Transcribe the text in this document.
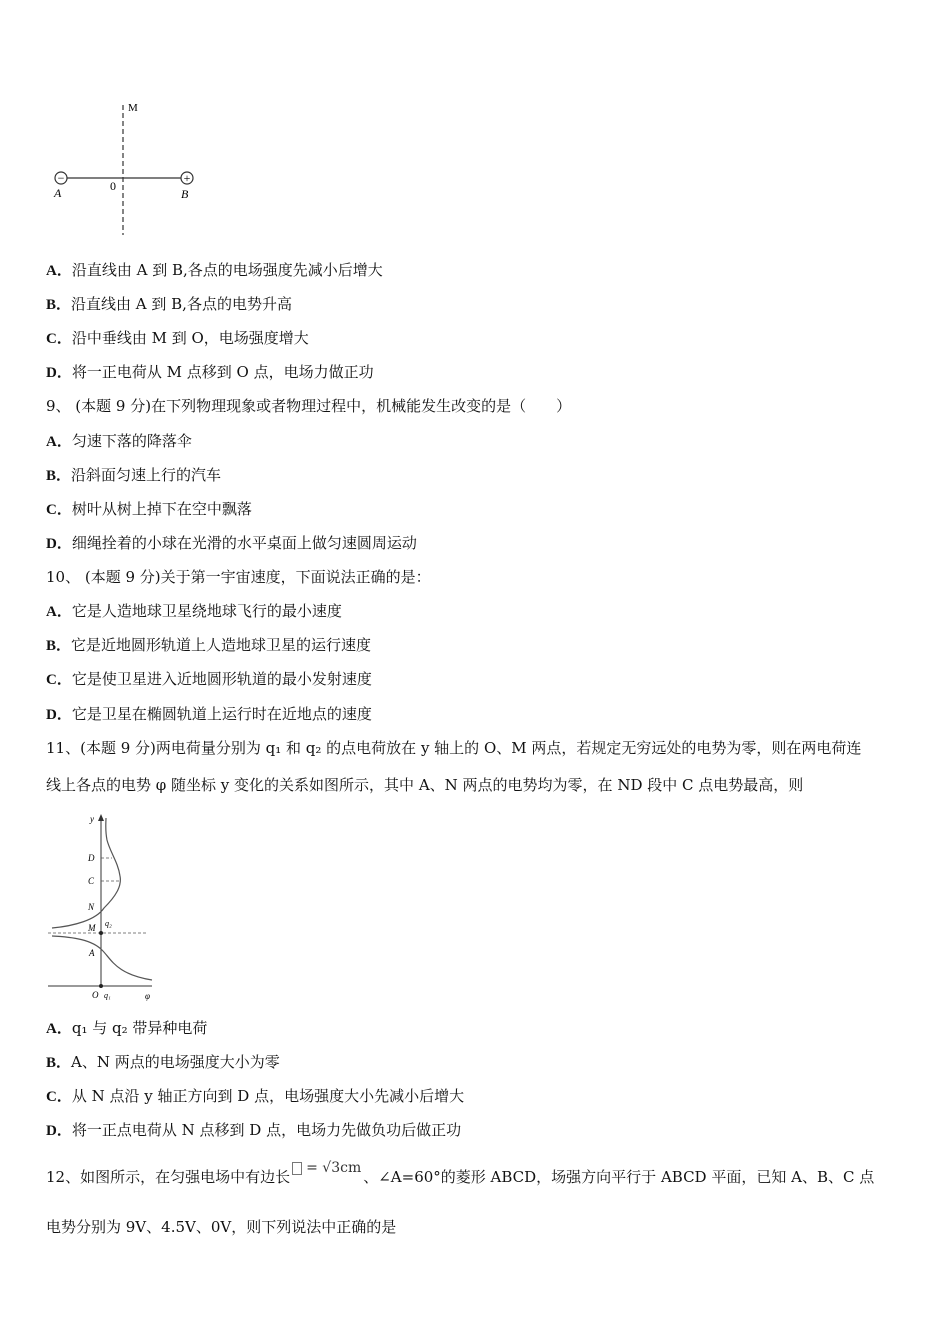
−	+
M
A	0
B
A．沿直线由 A 到 B,各点的电场强度先减小后增大
B．沿直线由 A 到 B,各点的电势升高
C．沿中垂线由 M 到 O，电场强度增大
D．将一正电荷从 M 点移到 O 点，电场力做正功
9、 (本题 9 分)在下列物理现象或者物理过程中，机械能发生改变的是（　　）
A．匀速下落的降落伞
B．沿斜面匀速上行的汽车
C．树叶从树上掉下在空中飘落
D．细绳拴着的小球在光滑的水平桌面上做匀速圆周运动
10、 (本题 9 分)关于第一宇宙速度，下面说法正确的是：
A．它是人造地球卫星绕地球飞行的最小速度
B．它是近地圆形轨道上人造地球卫星的运行速度
C．它是使卫星进入近地圆形轨道的最小发射速度
D．它是卫星在椭圆轨道上运行时在近地点的速度
11、(本题 9 分)两电荷量分别为 q₁ 和 q₂ 的点电荷放在 y 轴上的 O、M 两点，若规定无穷远处的电势为零，则在两电荷连
线上各点的电势 φ 随坐标 y 变化的关系如图所示，其中 A、N 两点的电势均为零，在 ND 段中 C 点电势最高，则
y
D
C
N
q₂
M
A
O q₁	φ
A．q₁ 与 q₂ 带异种电荷
B．A、N 两点的电场强度大小为零
C．从 N 点沿 y 轴正方向到 D 点，电场强度大小先减小后增大
D．将一正点电荷从 N 点移到 D 点，电场力先做负功后做正功
12、如图所示，在匀强电场中有边长 = √3cm 、∠A=60°的菱形 ABCD，场强方向平行于 ABCD 平面，已知 A、B、C 点
电势分别为 9V、4.5V、0V，则下列说法中正确的是
